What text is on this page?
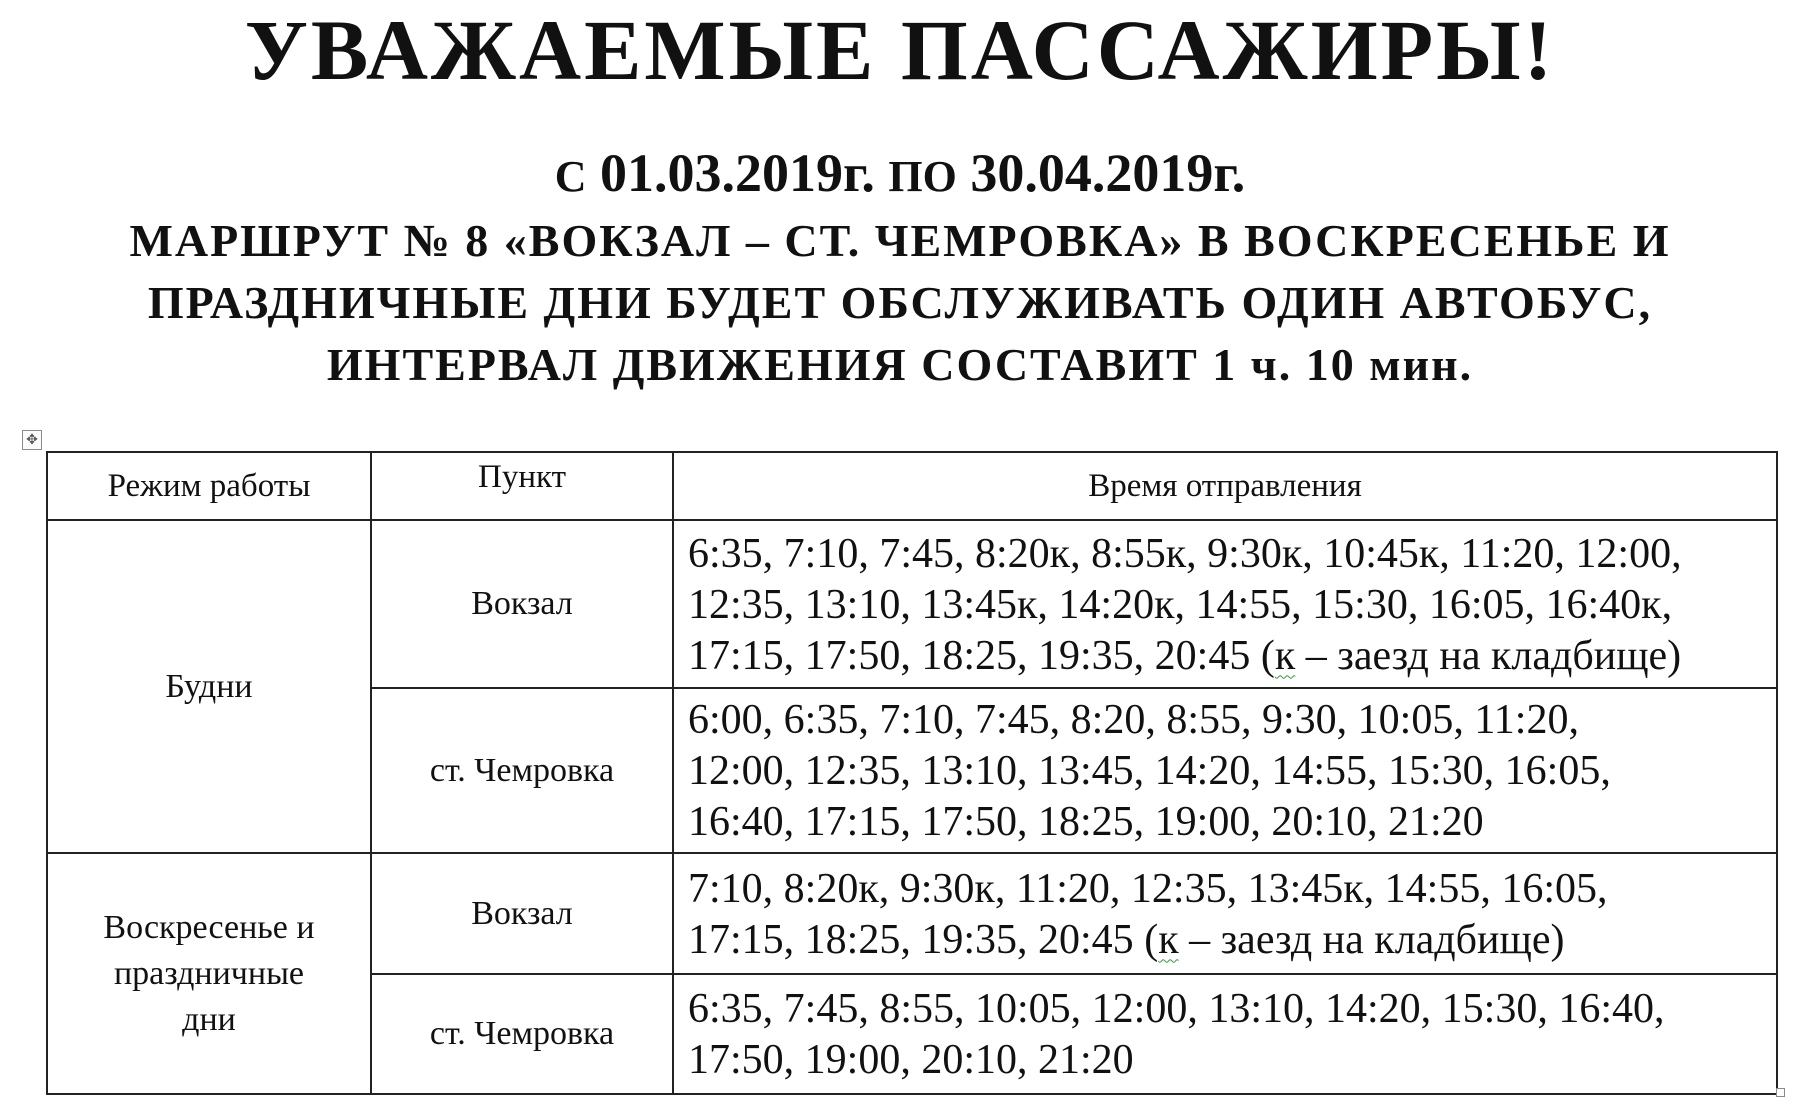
УВАЖАЕМЫЕ ПАССАЖИРЫ!
С 01.03.2019г. ПО 30.04.2019г.
МАРШРУТ № 8 «ВОКЗАЛ – СТ. ЧЕМРОВКА» В ВОСКРЕСЕНЬЕ И
ПРАЗДНИЧНЫЕ ДНИ БУДЕТ ОБСЛУЖИВАТЬ ОДИН АВТОБУС,
ИНТЕРВАЛ ДВИЖЕНИЯ СОСТАВИТ 1 ч. 10 мин.
✥
Режим работы	Пункт	Время отправления
Будни	Вокзал	6:35, 7:10, 7:45, 8:20к, 8:55к, 9:30к, 10:45к, 11:20, 12:00,
12:35, 13:10, 13:45к, 14:20к, 14:55, 15:30, 16:05, 16:40к,
17:15, 17:50, 18:25, 19:35, 20:45 (к – заезд на кладбище)

	ст. Чемровка	6:00, 6:35, 7:10, 7:45, 8:20, 8:55, 9:30, 10:05, 11:20,
12:00, 12:35, 13:10, 13:45, 14:20, 14:55, 15:30, 16:05,
16:40, 17:15, 17:50, 18:25, 19:00, 20:10, 21:20

Воскресенье и
праздничные
дни	Вокзал	7:10, 8:20к, 9:30к, 11:20, 12:35, 13:45к, 14:55, 16:05,
17:15, 18:25, 19:35, 20:45 (к – заезд на кладбище)

	ст. Чемровка	6:35, 7:45, 8:55, 10:05, 12:00, 13:10, 14:20, 15:30, 16:40,
17:50, 19:00, 20:10, 21:20
